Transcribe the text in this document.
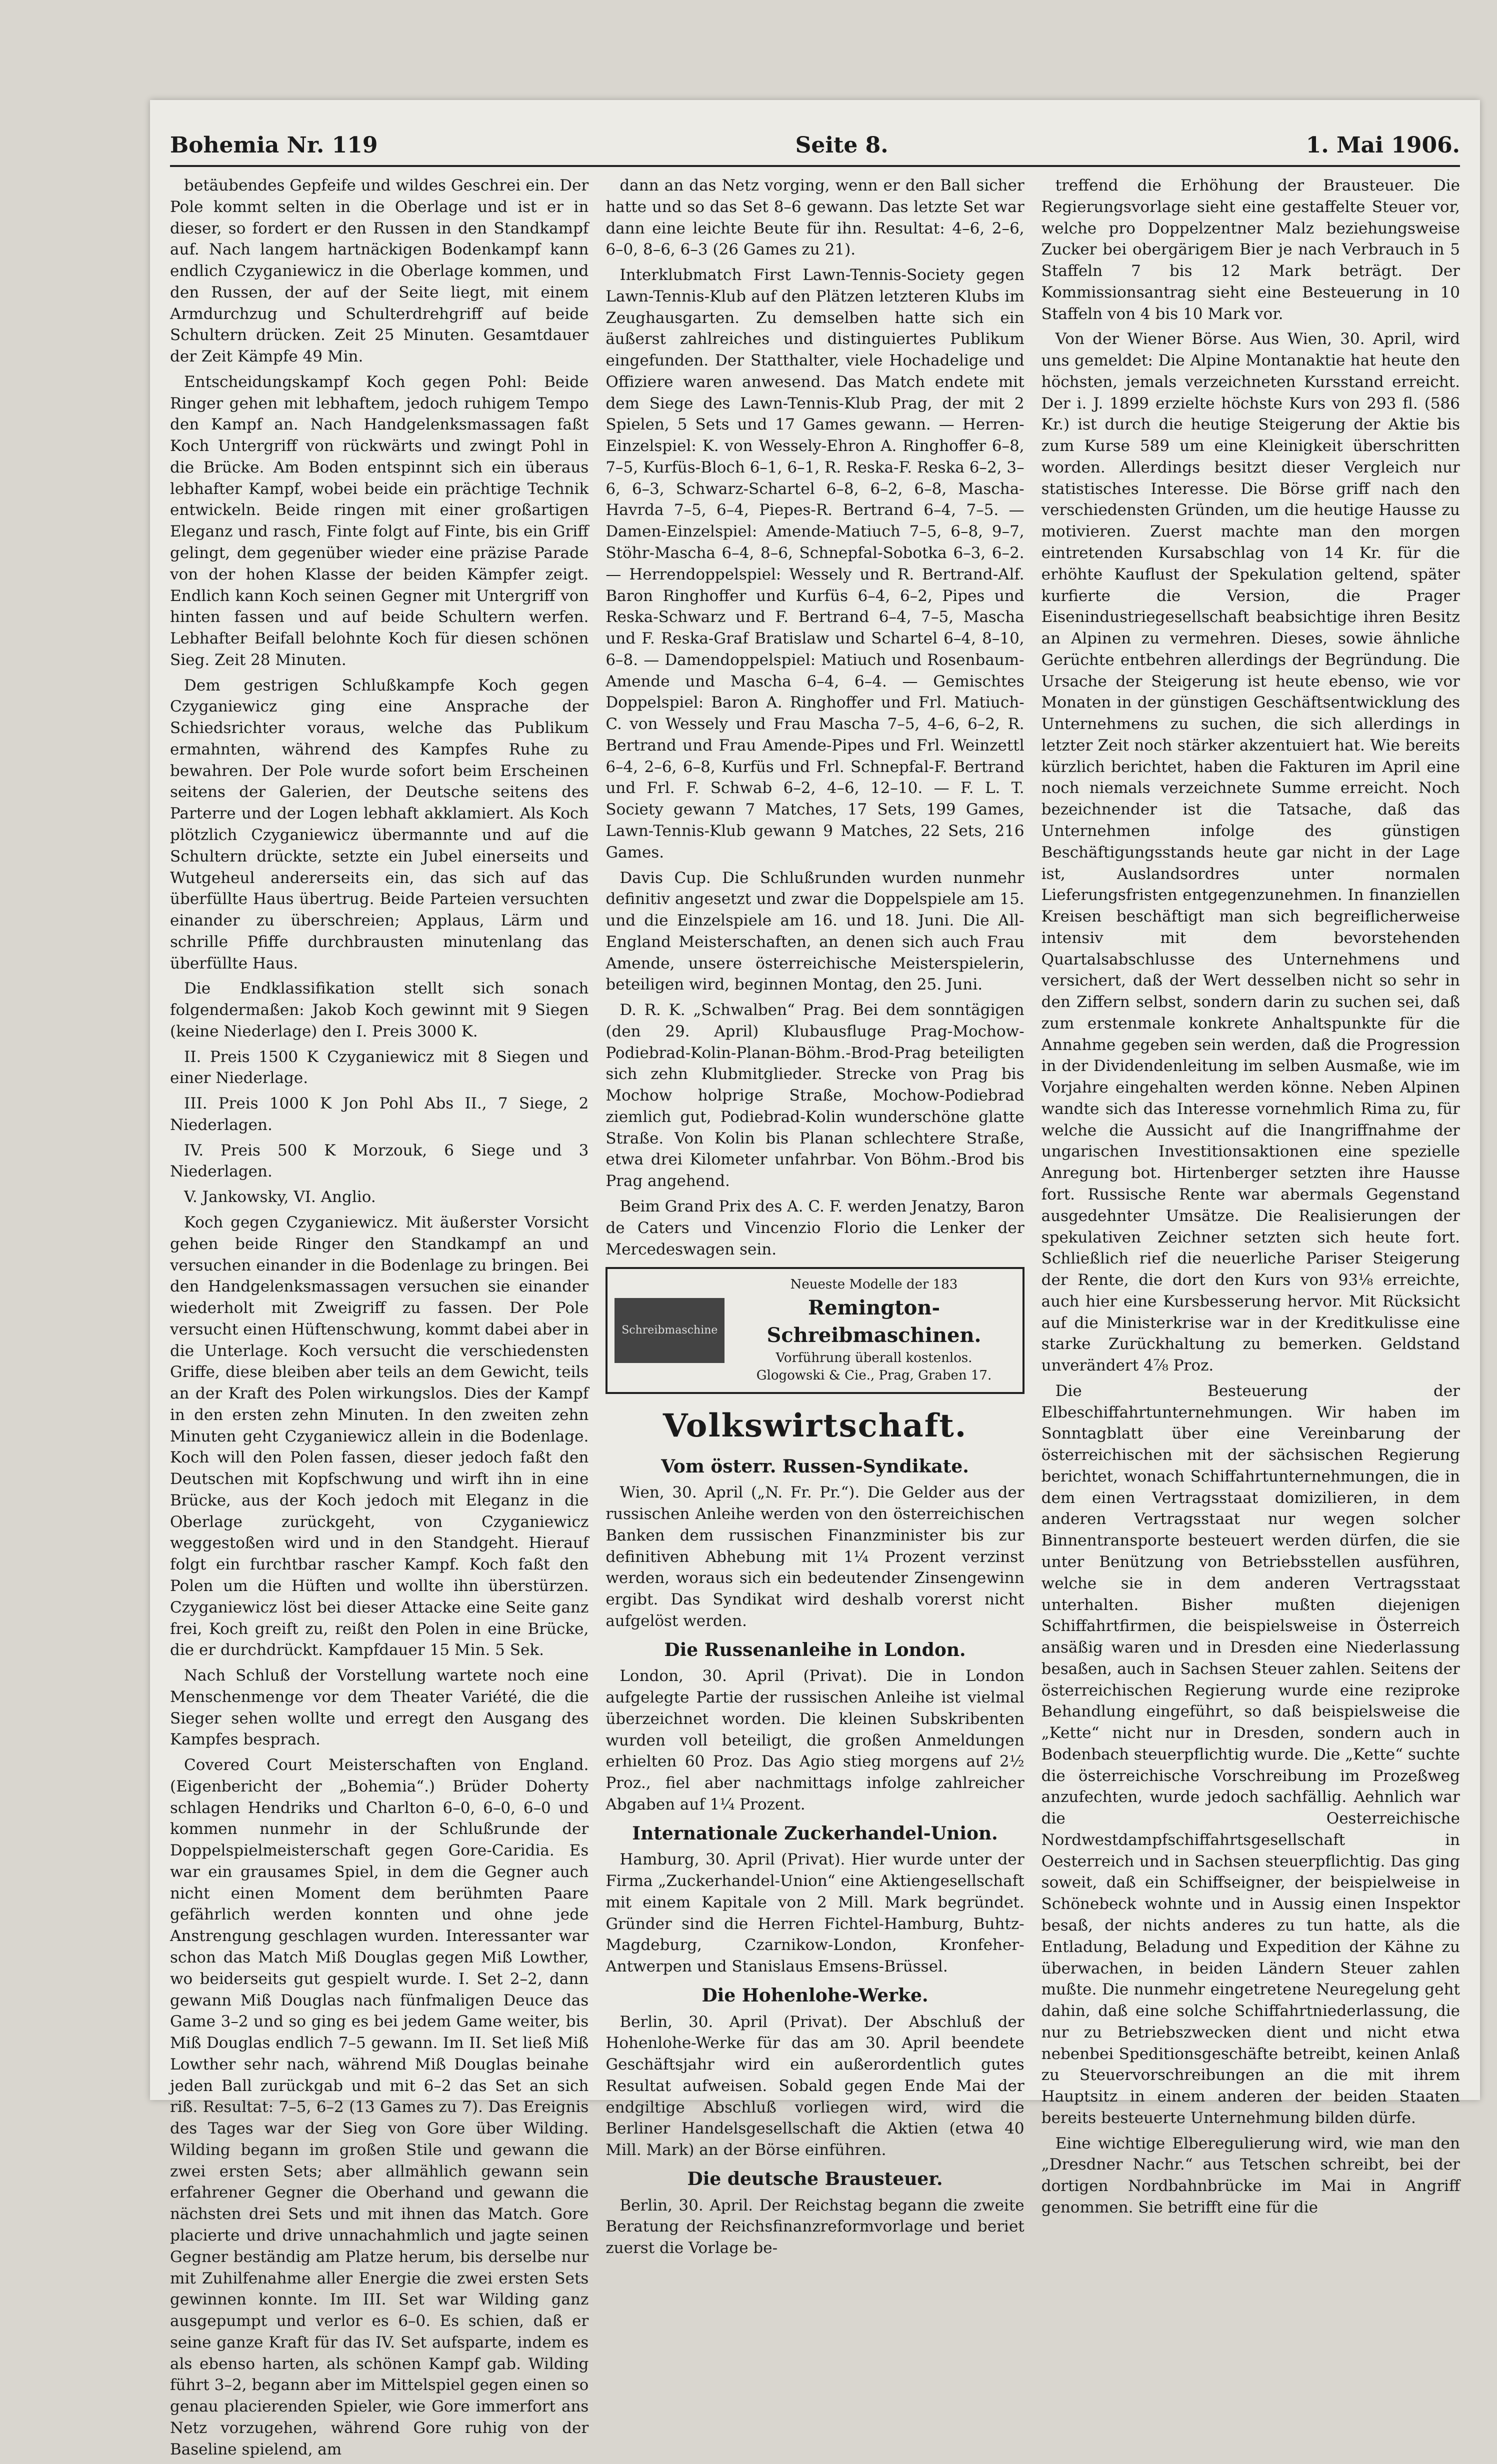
Bohemia Nr. 119	Seite 8.	1. Mai 1906.

betäubendes Gepfeife und wildes Geschrei ein. Der Pole kommt selten in die Oberlage und ist er in dieser, so fordert er den Russen in den Standkampf auf. Nach langem hartnäckigen Bodenkampf kann endlich Czyganiewicz in die Oberlage kommen, und den Russen, der auf der Seite liegt, mit einem Armdurchzug und Schulterdrehgriff auf beide Schultern drücken. Zeit 25 Minuten. Gesamtdauer der Zeit Kämpfe 49 Min.

Entscheidungskampf Koch gegen Pohl: Beide Ringer gehen mit lebhaftem, jedoch ruhigem Tempo den Kampf an. Nach Handgelenksmassagen faßt Koch Untergriff von rückwärts und zwingt Pohl in die Brücke. Am Boden entspinnt sich ein überaus lebhafter Kampf, wobei beide ein prächtige Technik entwickeln. Beide ringen mit einer großartigen Eleganz und rasch, Finte folgt auf Finte, bis ein Griff gelingt, dem gegenüber wieder eine präzise Parade von der hohen Klasse der beiden Kämpfer zeigt. Endlich kann Koch seinen Gegner mit Untergriff von hinten fassen und auf beide Schultern werfen. Lebhafter Beifall belohnte Koch für diesen schönen Sieg. Zeit 28 Minuten.

Dem gestrigen Schlußkampfe Koch gegen Czyganiewicz ging eine Ansprache der Schiedsrichter voraus, welche das Publikum ermahnten, während des Kampfes Ruhe zu bewahren. Der Pole wurde sofort beim Erscheinen seitens der Galerien, der Deutsche seitens des Parterre und der Logen lebhaft akklamiert. Als Koch plötzlich Czyganiewicz übermannte und auf die Schultern drückte, setzte ein Jubel einerseits und Wutgeheul andererseits ein, das sich auf das überfüllte Haus übertrug. Beide Parteien versuchten einander zu überschreien; Applaus, Lärm und schrille Pfiffe durchbrausten minutenlang das überfüllte Haus.

Die Endklassifikation stellt sich sonach folgendermaßen: Jakob Koch gewinnt mit 9 Siegen (keine Niederlage) den I. Preis 3000 K.

II. Preis 1500 K Czyganiewicz mit 8 Siegen und einer Niederlage.

III. Preis 1000 K Jon Pohl Abs II., 7 Siege, 2 Niederlagen.

IV. Preis 500 K Morzouk, 6 Siege und 3 Niederlagen.

V. Jankowsky, VI. Anglio.

Koch gegen Czyganiewicz. Mit äußerster Vorsicht gehen beide Ringer den Standkampf an und versuchen einander in die Bodenlage zu bringen. Bei den Handgelenksmassagen versuchen sie einander wiederholt mit Zweigriff zu fassen. Der Pole versucht einen Hüftenschwung, kommt dabei aber in die Unterlage. Koch versucht die verschiedensten Griffe, diese bleiben aber teils an dem Gewicht, teils an der Kraft des Polen wirkungslos. Dies der Kampf in den ersten zehn Minuten. In den zweiten zehn Minuten geht Czyganiewicz allein in die Bodenlage. Koch will den Polen fassen, dieser jedoch faßt den Deutschen mit Kopfschwung und wirft ihn in eine Brücke, aus der Koch jedoch mit Eleganz in die Oberlage zurückgeht, von Czyganiewicz weggestoßen wird und in den Standgeht. Hierauf folgt ein furchtbar rascher Kampf. Koch faßt den Polen um die Hüften und wollte ihn überstürzen. Czyganiewicz löst bei dieser Attacke eine Seite ganz frei, Koch greift zu, reißt den Polen in eine Brücke, die er durchdrückt. Kampfdauer 15 Min. 5 Sek.

Nach Schluß der Vorstellung wartete noch eine Menschenmenge vor dem Theater Variété, die die Sieger sehen wollte und erregt den Ausgang des Kampfes besprach.

Covered Court Meisterschaften von England. (Eigenbericht der „Bohemia“.) Brüder Doherty schlagen Hendriks und Charlton 6–0, 6–0, 6–0 und kommen nunmehr in der Schlußrunde der Doppelspielmeisterschaft gegen Gore-Caridia. Es war ein grausames Spiel, in dem die Gegner auch nicht einen Moment dem berühmten Paare gefährlich werden konnten und ohne jede Anstrengung geschlagen wurden. Interessanter war schon das Match Miß Douglas gegen Miß Lowther, wo beiderseits gut gespielt wurde. I. Set 2–2, dann gewann Miß Douglas nach fünfmaligen Deuce das Game 3–2 und so ging es bei jedem Game weiter, bis Miß Douglas endlich 7–5 gewann. Im II. Set ließ Miß Lowther sehr nach, während Miß Douglas beinahe jeden Ball zurückgab und mit 6–2 das Set an sich riß. Resultat: 7–5, 6–2 (13 Games zu 7). Das Ereignis des Tages war der Sieg von Gore über Wilding. Wilding begann im großen Stile und gewann die zwei ersten Sets; aber allmählich gewann sein erfahrener Gegner die Oberhand und gewann die nächsten drei Sets und mit ihnen das Match. Gore placierte und drive unnachahmlich und jagte seinen Gegner beständig am Platze herum, bis derselbe nur mit Zuhilfenahme aller Energie die zwei ersten Sets gewinnen konnte. Im III. Set war Wilding ganz ausgepumpt und verlor es 6–0. Es schien, daß er seine ganze Kraft für das IV. Set aufsparte, indem es als ebenso harten, als schönen Kampf gab. Wilding führt 3–2, begann aber im Mittelspiel gegen einen so genau placierenden Spieler, wie Gore immerfort ans Netz vorzugehen, während Gore ruhig von der Baseline spielend, am

dann an das Netz vorging, wenn er den Ball sicher hatte und so das Set 8–6 gewann. Das letzte Set war dann eine leichte Beute für ihn. Resultat: 4–6, 2–6, 6–0, 8–6, 6–3 (26 Games zu 21).

Interklubmatch First Lawn-Tennis-Society gegen Lawn-Tennis-Klub auf den Plätzen letzteren Klubs im Zeughausgarten. Zu demselben hatte sich ein äußerst zahlreiches und distinguiertes Publikum eingefunden. Der Statthalter, viele Hochadelige und Offiziere waren anwesend. Das Match endete mit dem Siege des Lawn-Tennis-Klub Prag, der mit 2 Spielen, 5 Sets und 17 Games gewann. — Herren-Einzelspiel: K. von Wessely-Ehron A. Ringhoffer 6–8, 7–5, Kurfüs-Bloch 6–1, 6–1, R. Reska-F. Reska 6–2, 3–6, 6–3, Schwarz-Schartel 6–8, 6–2, 6–8, Mascha-Havrda 7–5, 6–4, Piepes-R. Bertrand 6–4, 7–5. — Damen-Einzelspiel: Amende-Matiuch 7–5, 6–8, 9–7, Stöhr-Mascha 6–4, 8–6, Schnepfal-Sobotka 6–3, 6–2. — Herrendoppelspiel: Wessely und R. Bertrand-Alf. Baron Ringhoffer und Kurfüs 6–4, 6–2, Pipes und Reska-Schwarz und F. Bertrand 6–4, 7–5, Mascha und F. Reska-Graf Bratislaw und Schartel 6–4, 8–10, 6–8. — Damendoppelspiel: Matiuch und Rosenbaum-Amende und Mascha 6–4, 6–4. — Gemischtes Doppelspiel: Baron A. Ringhoffer und Frl. Matiuch-C. von Wessely und Frau Mascha 7–5, 4–6, 6–2, R. Bertrand und Frau Amende-Pipes und Frl. Weinzettl 6–4, 2–6, 6–8, Kurfüs und Frl. Schnepfal-F. Bertrand und Frl. F. Schwab 6–2, 4–6, 12–10. — F. L. T. Society gewann 7 Matches, 17 Sets, 199 Games, Lawn-Tennis-Klub gewann 9 Matches, 22 Sets, 216 Games.

Davis Cup. Die Schlußrunden wurden nunmehr definitiv angesetzt und zwar die Doppelspiele am 15. und die Einzelspiele am 16. und 18. Juni. Die All-England Meisterschaften, an denen sich auch Frau Amende, unsere österreichische Meisterspielerin, beteiligen wird, beginnen Montag, den 25. Juni.

D. R. K. „Schwalben“ Prag. Bei dem sonntägigen (den 29. April) Klubausfluge Prag-Mochow-Podiebrad-Kolin-Planan-Böhm.-Brod-Prag beteiligten sich zehn Klubmitglieder. Strecke von Prag bis Mochow holprige Straße, Mochow-Podiebrad ziemlich gut, Podiebrad-Kolin wunderschöne glatte Straße. Von Kolin bis Planan schlechtere Straße, etwa drei Kilometer unfahrbar. Von Böhm.-Brod bis Prag angehend.

Beim Grand Prix des A. C. F. werden Jenatzy, Baron de Caters und Vincenzio Florio die Lenker der Mercedeswagen sein.

Schreibmaschine
Neueste Modelle der 183
Remington-Schreibmaschinen.
Vorführung überall kostenlos.
Glogowski & Cie., Prag, Graben 17.
Volkswirtschaft.
Vom österr. Russen-Syndikate.

Wien, 30. April („N. Fr. Pr.“). Die Gelder aus der russischen Anleihe werden von den österreichischen Banken dem russischen Finanzminister bis zur definitiven Abhebung mit 1¼ Prozent verzinst werden, woraus sich ein bedeutender Zinsengewinn ergibt. Das Syndikat wird deshalb vorerst nicht aufgelöst werden.

Die Russenanleihe in London.

London, 30. April (Privat). Die in London aufgelegte Partie der russischen Anleihe ist vielmal überzeichnet worden. Die kleinen Subskribenten wurden voll beteiligt, die großen Anmeldungen erhielten 60 Proz. Das Agio stieg morgens auf 2½ Proz., fiel aber nachmittags infolge zahlreicher Abgaben auf 1¼ Prozent.

Internationale Zuckerhandel-Union.

Hamburg, 30. April (Privat). Hier wurde unter der Firma „Zuckerhandel-Union“ eine Aktiengesellschaft mit einem Kapitale von 2 Mill. Mark begründet. Gründer sind die Herren Fichtel-Hamburg, Buhtz-Magdeburg, Czarnikow-London, Kronfeher-Antwerpen und Stanislaus Emsens-Brüssel.

Die Hohenlohe-Werke.

Berlin, 30. April (Privat). Der Abschluß der Hohenlohe-Werke für das am 30. April beendete Geschäftsjahr wird ein außerordentlich gutes Resultat aufweisen. Sobald gegen Ende Mai der endgiltige Abschluß vorliegen wird, wird die Berliner Handelsgesellschaft die Aktien (etwa 40 Mill. Mark) an der Börse einführen.

Die deutsche Brausteuer.

Berlin, 30. April. Der Reichstag begann die zweite Beratung der Reichsfinanzreformvorlage und beriet zuerst die Vorlage be-

treffend die Erhöhung der Brausteuer. Die Regierungsvorlage sieht eine gestaffelte Steuer vor, welche pro Doppelzentner Malz beziehungsweise Zucker bei obergärigem Bier je nach Verbrauch in 5 Staffeln 7 bis 12 Mark beträgt. Der Kommissionsantrag sieht eine Besteuerung in 10 Staffeln von 4 bis 10 Mark vor.

Von der Wiener Börse. Aus Wien, 30. April, wird uns gemeldet: Die Alpine Montanaktie hat heute den höchsten, jemals verzeichneten Kursstand erreicht. Der i. J. 1899 erzielte höchste Kurs von 293 fl. (586 Kr.) ist durch die heutige Steigerung der Aktie bis zum Kurse 589 um eine Kleinigkeit überschritten worden. Allerdings besitzt dieser Vergleich nur statistisches Interesse. Die Börse griff nach den verschiedensten Gründen, um die heutige Hausse zu motivieren. Zuerst machte man den morgen eintretenden Kursabschlag von 14 Kr. für die erhöhte Kauflust der Spekulation geltend, später kurfierte die Version, die Prager Eisenindustriegesellschaft beabsichtige ihren Besitz an Alpinen zu vermehren. Dieses, sowie ähnliche Gerüchte entbehren allerdings der Begründung. Die Ursache der Steigerung ist heute ebenso, wie vor Monaten in der günstigen Geschäftsentwicklung des Unternehmens zu suchen, die sich allerdings in letzter Zeit noch stärker akzentuiert hat. Wie bereits kürzlich berichtet, haben die Fakturen im April eine noch niemals verzeichnete Summe erreicht. Noch bezeichnender ist die Tatsache, daß das Unternehmen infolge des günstigen Beschäftigungsstands heute gar nicht in der Lage ist, Auslandsordres unter normalen Lieferungsfristen entgegenzunehmen. In finanziellen Kreisen beschäftigt man sich begreiflicherweise intensiv mit dem bevorstehenden Quartalsabschlusse des Unternehmens und versichert, daß der Wert desselben nicht so sehr in den Ziffern selbst, sondern darin zu suchen sei, daß zum erstenmale konkrete Anhaltspunkte für die Annahme gegeben sein werden, daß die Progression in der Dividendenleitung im selben Ausmaße, wie im Vorjahre eingehalten werden könne. Neben Alpinen wandte sich das Interesse vornehmlich Rima zu, für welche die Aussicht auf die Inangriffnahme der ungarischen Investitionsaktionen eine spezielle Anregung bot. Hirtenberger setzten ihre Hausse fort. Russische Rente war abermals Gegenstand ausgedehnter Umsätze. Die Realisierungen der spekulativen Zeichner setzten sich heute fort. Schließlich rief die neuerliche Pariser Steigerung der Rente, die dort den Kurs von 93⅛ erreichte, auch hier eine Kursbesserung hervor. Mit Rücksicht auf die Ministerkrise war in der Kreditkulisse eine starke Zurückhaltung zu bemerken. Geldstand unverändert 4⅞ Proz.

Die Besteuerung der Elbeschiffahrtunternehmungen. Wir haben im Sonntagblatt über eine Vereinbarung der österreichischen mit der sächsischen Regierung berichtet, wonach Schiffahrtunternehmungen, die in dem einen Vertragsstaat domizilieren, in dem anderen Vertragsstaat nur wegen solcher Binnentransporte besteuert werden dürfen, die sie unter Benützung von Betriebsstellen ausführen, welche sie in dem anderen Vertragsstaat unterhalten. Bisher mußten diejenigen Schiffahrtfirmen, die beispielsweise in Österreich ansäßig waren und in Dresden eine Niederlassung besaßen, auch in Sachsen Steuer zahlen. Seitens der österreichischen Regierung wurde eine reziproke Behandlung eingeführt, so daß beispielsweise die „Kette“ nicht nur in Dresden, sondern auch in Bodenbach steuerpflichtig wurde. Die „Kette“ suchte die österreichische Vorschreibung im Prozeßweg anzufechten, wurde jedoch sachfällig. Aehnlich war die Oesterreichische Nordwestdampfschiffahrtsgesellschaft in Oesterreich und in Sachsen steuerpflichtig. Das ging soweit, daß ein Schiffseigner, der beispielweise in Schönebeck wohnte und in Aussig einen Inspektor besaß, der nichts anderes zu tun hatte, als die Entladung, Beladung und Expedition der Kähne zu überwachen, in beiden Ländern Steuer zahlen mußte. Die nunmehr eingetretene Neuregelung geht dahin, daß eine solche Schiffahrtniederlassung, die nur zu Betriebszwecken dient und nicht etwa nebenbei Speditionsgeschäfte betreibt, keinen Anlaß zu Steuervorschreibungen an die mit ihrem Hauptsitz in einem anderen der beiden Staaten bereits besteuerte Unternehmung bilden dürfe.

Eine wichtige Elberegulierung wird, wie man den „Dresdner Nachr.“ aus Tetschen schreibt, bei der dortigen Nordbahnbrücke im Mai in Angriff genommen. Sie betrifft eine für die
